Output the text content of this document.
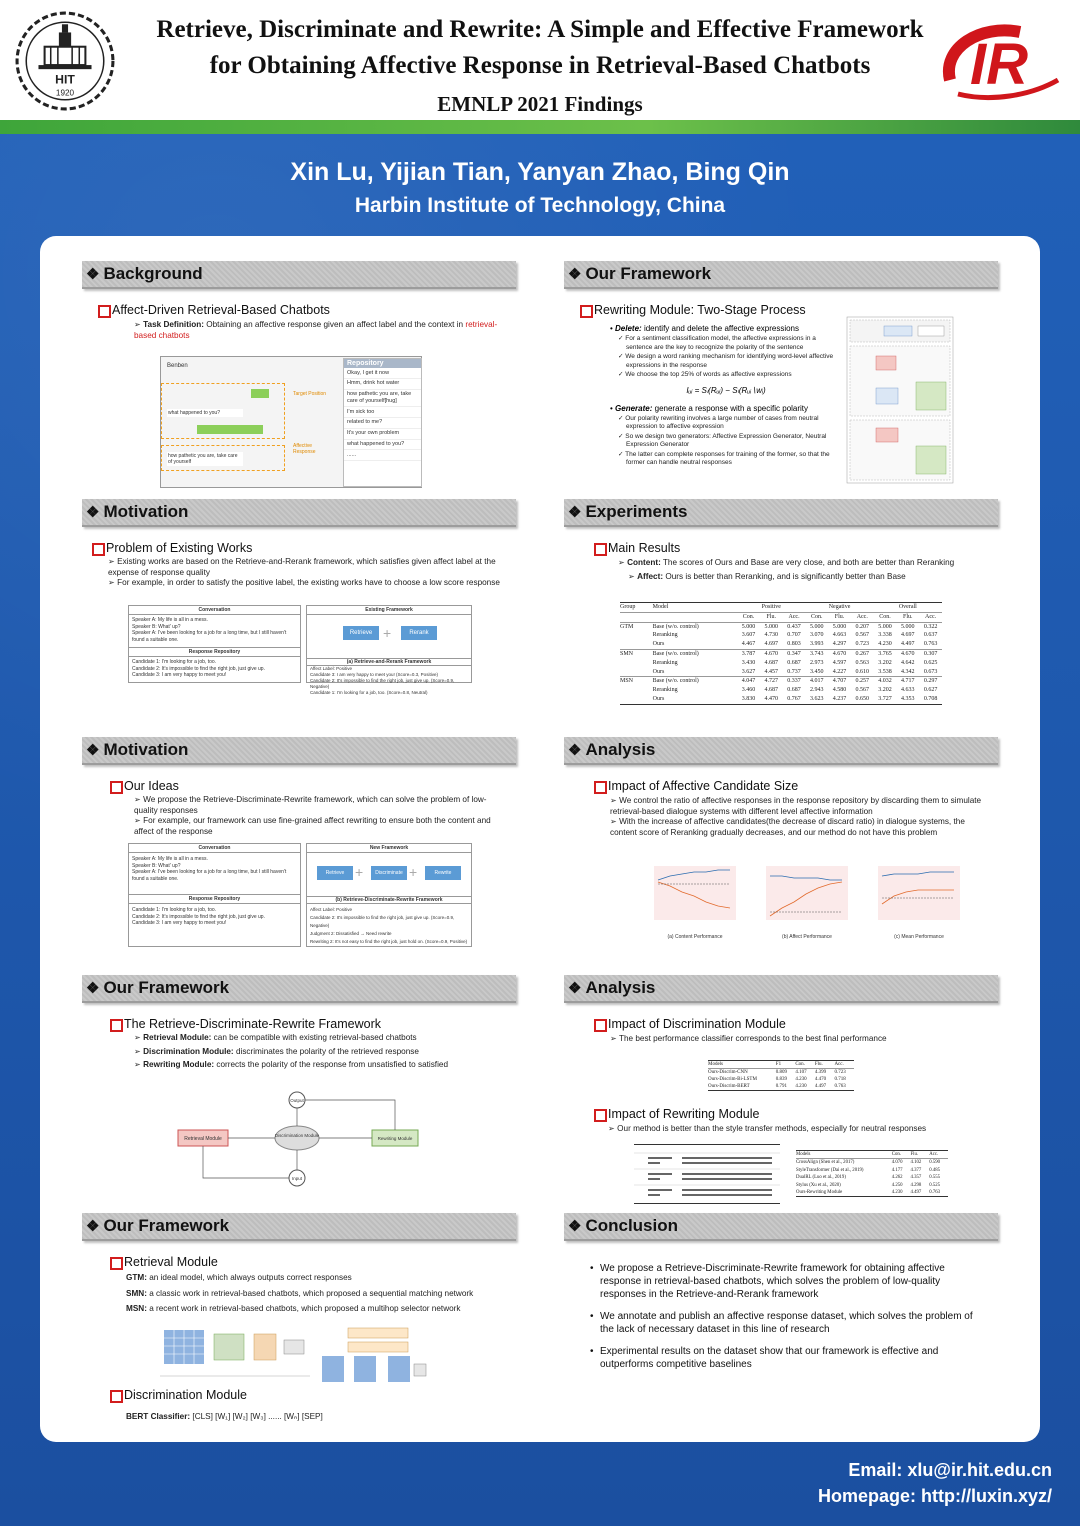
HIT
1920
Retrieve, Discriminate and Rewrite: A Simple and Effective Framework
for Obtaining Affective Response in Retrieval-Based Chatbots
EMNLP 2021 Findings
IR
Xin Lu, Yijian Tian, Yanyan Zhao, Bing Qin
Harbin Institute of Technology, China
❖ Background
Affect-Driven Retrieval-Based Chatbots
➢ Task Definition: Obtaining an affective response given an affect label and the context in retrieval-based chatbots
Benben
what happened to you?
how pathetic you are, take care of yourself
Target Position
Affective Response
Repository
Okay, I get it now
Hmm, drink hot water
how pathetic you are, take care of yourself[hug]
I'm sick too
related to me?
It's your own problem
what happened to you?
......
❖ Motivation
Problem of Existing Works
➢ Existing works are based on the Retrieve-and-Rerank framework, which satisfies given affect label at the expense of response quality
➢ For example, in order to satisfy the positive label, the existing works have to choose a low score response
Conversation
Speaker A: My life is all in a mess.
Speaker B: What' up?
Speaker A: I've been looking for a job for a long time, but I still haven't found a suitable one.
Response Repository
Candidate 1: I'm looking for a job, too.
Candidate 2: It's impossible to find the right job, just give up.
Candidate 3: I am very happy to meet you!
Existing Framework
Retrieve +	Rerank
(a) Retrieve-and-Rerank Framework
Affect Label: Positive
Candidate 3: I am very happy to meet you! (Score=0.3, Positive)
Candidate 2: It's impossible to find the right job, just give up. (Score=0.9, Negative)
Candidate 1: I'm looking for a job, too. (Score=0.8, Neutral)
❖ Motivation
Our Ideas
➢ We propose the Retrieve-Discriminate-Rewrite framework, which can solve the problem of low-quality responses
➢ For example, our framework can use fine-grained affect rewriting to ensure both the content and affect of the response
Conversation
Speaker A: My life is all in a mess.
Speaker B: What' up?
Speaker A: I've been looking for a job for a long time, but I still haven't found a suitable one.
Response Repository
Candidate 1: I'm looking for a job, too.
Candidate 2: It's impossible to find the right job, just give up.
Candidate 3: I am very happy to meet you!
New Framework
Retrieve +	Discriminate +	Rewrite
(b) Retrieve-Discriminate-Rewrite Framework
Affect Label: Positive
Candidate 2: It's impossible to find the right job, just give up. (Score=0.9, Negative)
Judgment 2: Dissatisfied → Need rewrite
Rewriting 2: It's not easy to find the right job, just hold on. (Score=0.9, Positive)
❖ Our Framework
The Retrieve-Discriminate-Rewrite Framework
➢ Retrieval Module: can be compatible with existing retrieval-based chatbots
➢ Discrimination Module: discriminates the polarity of the retrieved response
➢ Rewriting Module: corrects the polarity of the response from unsatisfied to satisfied
Retrieval Module
Discrimination Module
Rewriting Module
Output
Input
❖ Our Framework
Retrieval Module
GTM: an ideal model, which always outputs correct responses
SMN: a classic work in retrieval-based chatbots, which proposed a sequential matching network
MSN: a recent work in retrieval-based chatbots, which proposed a multihop selector network
Discrimination Module
BERT Classifier: [CLS] [W₁] [W₂] [W₃] ...... [Wₙ] [SEP]
❖ Our Framework
Rewriting Module: Two-Stage Process
• Delete: identify and delete the affective expressions
✓ For a sentiment classification model, the affective expressions in a sentence are the key to recognize the polarity of the sentence
✓ We design a word ranking mechanism for identifying word-level affective expressions in the response
✓ We choose the top 25% of words as affective expressions
Iᵤᵢ = Sₗ(Rᵤᵢ) − Sₗ(Rᵤᵢ∖wᵢ)
• Generate: generate a response with a specific polarity
✓ Our polarity rewriting involves a large number of cases from neutral expression to affective expression
✓ So we design two generators: Affective Expression Generator, Neutral Expression Generator
✓ The latter can complete responses for training of the former, so that the former can handle neutral responses
❖ Experiments
Main Results
➢ Content: The scores of Ours and Base are very close, and both are better than Reranking
➢ Affect: Ours is better than Reranking, and is significantly better than Base
Group	Model	Positive			Negative			Overall		
		Con.	Flu.	Acc.	Con.	Flu.	Acc.	Con.	Flu.	Acc.
GTM	Base (w/o. control)	5.000	5.000	0.437	5.000	5.000	0.207	5.000	5.000	0.322
	Reranking	3.607	4.730	0.707	3.070	4.663	0.567	3.338	4.697	0.637
	Ours	4.467	4.697	0.803	3.993	4.297	0.723	4.230	4.497	0.763
SMN	Base (w/o. control)	3.787	4.670	0.347	3.743	4.670	0.267	3.765	4.670	0.307
	Reranking	3.430	4.687	0.687	2.973	4.597	0.563	3.202	4.642	0.625
	Ours	3.627	4.457	0.737	3.450	4.227	0.610	3.538	4.342	0.673
MSN	Base (w/o. control)	4.047	4.727	0.337	4.017	4.707	0.257	4.032	4.717	0.297
	Reranking	3.460	4.687	0.687	2.943	4.580	0.567	3.202	4.633	0.627
	Ours	3.830	4.470	0.767	3.623	4.237	0.650	3.727	4.353	0.708
❖ Analysis
Impact of Affective Candidate Size
➢ We control the ratio of affective responses in the response repository by discarding them to simulate retrieval-based dialogue systems with different level affective information
➢ With the increase of affective candidates(the decrease of discard ratio) in dialogue systems, the content score of Reranking gradually decreases, and our method do not have this problem
(a) Content Performance	(b) Affect Performance	(c) Mean Performance
❖ Analysis
Impact of Discrimination Module
➢ The best performance classifier corresponds to the best final performance
Models	F1	Con.	Flu.	Acc.
Ours-Discrim-CNN	0.809	4.107	4.399	0.723
Ours-Discrim-Bi-LSTM	0.839	4.230	4.470	0.718
Ours-Discrim-BERT	0.791	4.230	4.497	0.763
Impact of Rewriting Module
➢ Our method is better than the style transfer methods, especially for neutral responses
Models	Con.	Flu.	Acc.
CrossAlign (Shen et al., 2017)	4.070	4.102	0.590
StyleTransformer (Dai et al., 2019)	4.177	4.377	0.485
DualRL (Luo et al., 2019)	4.262	4.357	0.555
Stylus (Xu et al., 2020)	4.250	4.298	0.525
Ours-Rewriting Module	4.230	4.497	0.763
❖ Conclusion
• We propose a Retrieve-Discriminate-Rewrite framework for obtaining affective response in retrieval-based chatbots, which solves the problem of low-quality responses in the Retrieve-and-Rerank framework
• We annotate and publish an affective response dataset, which solves the problem of the lack of necessary dataset in this line of research
• Experimental results on the dataset show that our framework is effective and outperforms competitive baselines
Email: xlu@ir.hit.edu.cn
Homepage: http://luxin.xyz/
